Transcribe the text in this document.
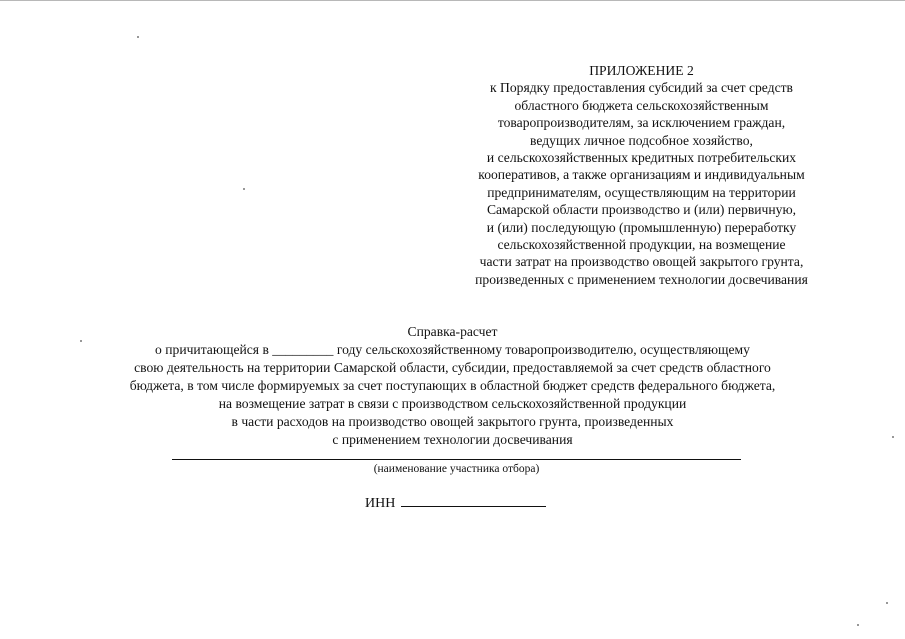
ПРИЛОЖЕНИЕ 2
к Порядку предоставления субсидий за счет средств
областного бюджета сельскохозяйственным
товаропроизводителям, за исключением граждан,
ведущих личное подсобное хозяйство,
и сельскохозяйственных кредитных потребительских
кооперативов, а также организациям и индивидуальным
предпринимателям, осуществляющим на территории
Самарской области производство и (или) первичную,
и (или) последующую (промышленную) переработку
сельскохозяйственной продукции, на возмещение
части затрат на производство овощей закрытого грунта,
произведенных с применением технологии досвечивания
Справка-расчет
о причитающейся в _________ году сельскохозяйственному товаропроизводителю, осуществляющему
свою деятельность на территории Самарской области, субсидии, предоставляемой за счет средств областного
бюджета, в том числе формируемых за счет поступающих в областной бюджет средств федерального бюджета,
на возмещение затрат в связи с производством сельскохозяйственной продукции
в части расходов на производство овощей закрытого грунта, произведенных
с применением технологии досвечивания
(наименование участника отбора)
ИНН
